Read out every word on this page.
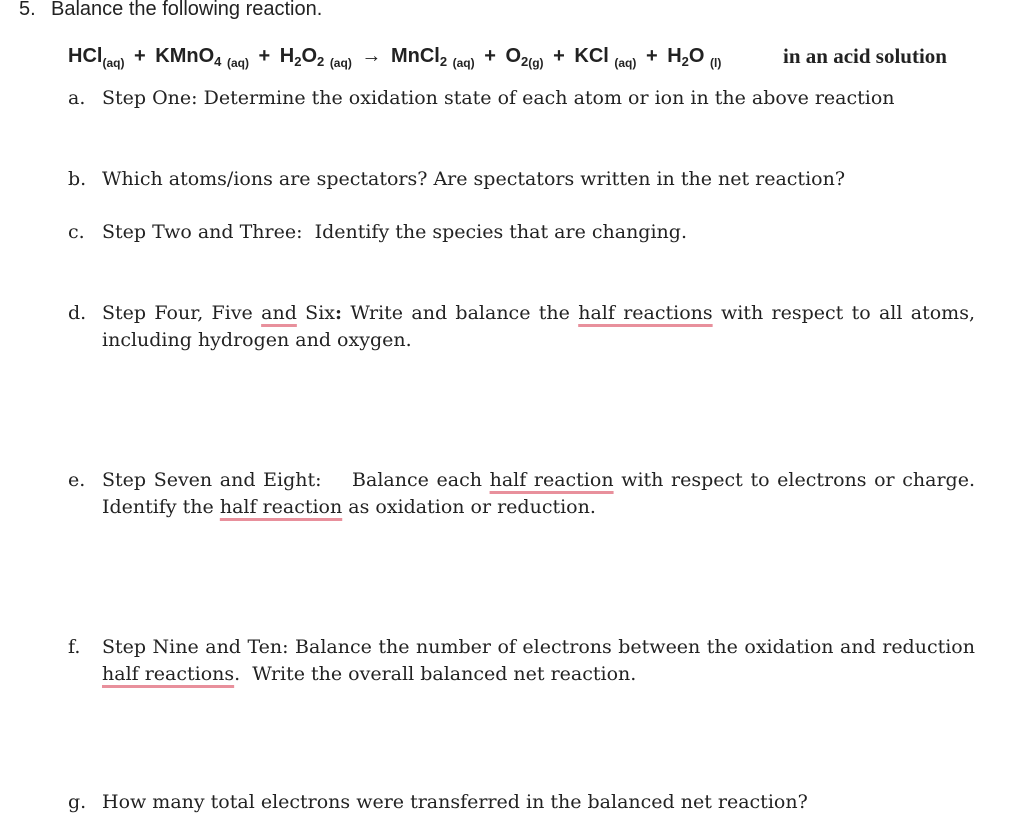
5. Balance the following reaction.
HCl$_{(aq)}$ + KMnO$_4$ $_{(aq)} + H_2O_2$ $_{(aq)}$ → MnCl$_2$ $_{(aq)} + O_{2(g)}$ + KCl $_{(aq)} + H_2O$ $_{(l)}$	in an acid solution
a. Step One: Determine the oxidation state of each atom or ion in the above reaction
b. Which atoms/ions are spectators? Are spectators written in the net reaction?
c. Step Two and Three:  Identify the species that are changing.
d. Step Four, Five and Six: Write and balance the half reactions with respect to all atoms,
including hydrogen and oxygen.
e. Step Seven and Eight:    Balance each half reaction with respect to electrons or charge.
Identify the half reaction as oxidation or reduction.
f. Step Nine and Ten: Balance the number of electrons between the oxidation and reduction
half reactions.  Write the overall balanced net reaction.
g. How many total electrons were transferred in the balanced net reaction?
